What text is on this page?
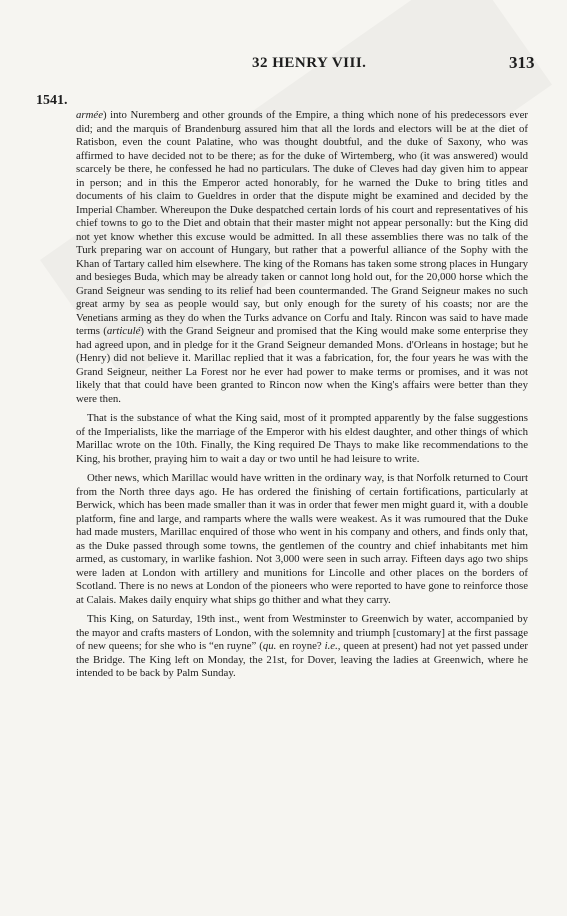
32 HENRY VIII.	313
1541.

armée) into Nuremberg and other grounds of the Empire, a thing which none of his predecessors ever did; and the marquis of Brandenburg assured him that all the lords and electors will be at the diet of Ratisbon, even the count Palatine, who was thought doubtful, and the duke of Saxony, who was affirmed to have decided not to be there; as for the duke of Wirtemberg, who (it was answered) would scarcely be there, he confessed he had no particulars. The duke of Cleves had day given him to appear in person; and in this the Emperor acted honorably, for he warned the Duke to bring titles and documents of his claim to Gueldres in order that the dispute might be examined and decided by the Imperial Chamber. Whereupon the Duke despatched certain lords of his court and representatives of his chief towns to go to the Diet and obtain that their master might not appear personally: but the King did not yet know whether this excuse would be admitted. In all these assemblies there was no talk of the Turk preparing war on account of Hungary, but rather that a powerful alliance of the Sophy with the Khan of Tartary called him elsewhere. The king of the Romans has taken some strong places in Hungary and besieges Buda, which may be already taken or cannot long hold out, for the 20,000 horse which the Grand Seigneur was sending to its relief had been countermanded. The Grand Seigneur makes no such great army by sea as people would say, but only enough for the surety of his coasts; nor are the Venetians arming as they do when the Turks advance on Corfu and Italy. Rincon was said to have made terms (articulé) with the Grand Seigneur and promised that the King would make some enterprise they had agreed upon, and in pledge for it the Grand Seigneur demanded Mons. d'Orleans in hostage; but he (Henry) did not believe it. Marillac replied that it was a fabrication, for, the four years he was with the Grand Seigneur, neither La Forest nor he ever had power to make terms or promises, and it was not likely that that could have been granted to Rincon now when the King's affairs were better than they were then.

That is the substance of what the King said, most of it prompted apparently by the false suggestions of the Imperialists, like the marriage of the Emperor with his eldest daughter, and other things of which Marillac wrote on the 10th. Finally, the King required De Thays to make like recommendations to the King, his brother, praying him to wait a day or two until he had leisure to write.

Other news, which Marillac would have written in the ordinary way, is that Norfolk returned to Court from the North three days ago. He has ordered the finishing of certain fortifications, particularly at Berwick, which has been made smaller than it was in order that fewer men might guard it, with a double platform, fine and large, and ramparts where the walls were weakest. As it was rumoured that the Duke had made musters, Marillac enquired of those who went in his company and others, and finds only that, as the Duke passed through some towns, the gentlemen of the country and chief inhabitants met him armed, as customary, in warlike fashion. Not 3,000 were seen in such array. Fifteen days ago two ships were laden at London with artillery and munitions for Lincolle and other places on the borders of Scotland. There is no news at London of the pioneers who were reported to have gone to reinforce those at Calais. Makes daily enquiry what ships go thither and what they carry.

This King, on Saturday, 19th inst., went from Westminster to Greenwich by water, accompanied by the mayor and crafts masters of London, with the solemnity and triumph [customary] at the first passage of new queens; for she who is “en ruyne” (qu. en royne? i.e., queen at present) had not yet passed under the Bridge. The King left on Monday, the 21st, for Dover, leaving the ladies at Greenwich, where he intended to be back by Palm Sunday.
